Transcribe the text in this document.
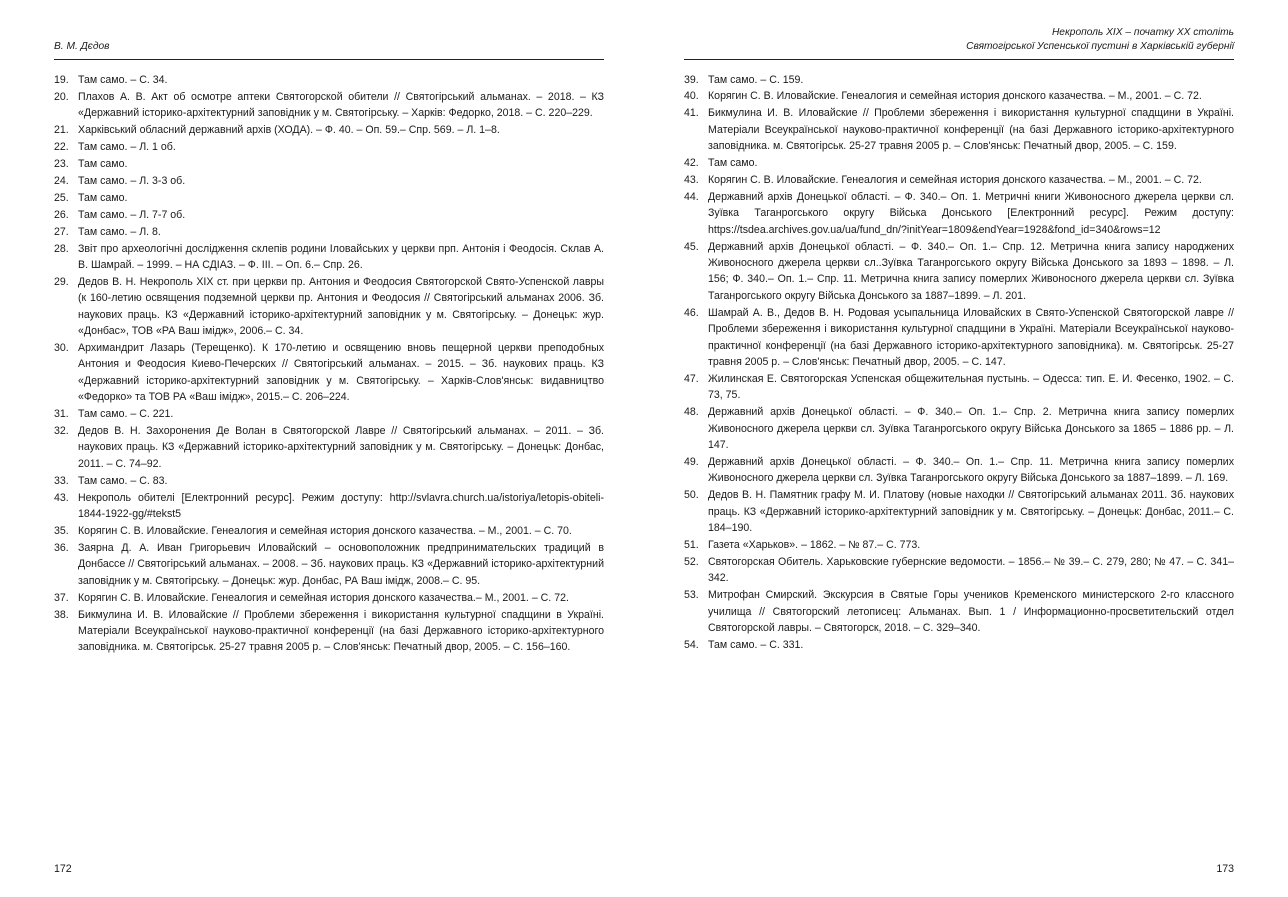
В. М. Дєдов
19. Там само. – С. 34.
20. Плахов А. В. Акт об осмотре аптеки Святогорской обители // Святогірський альманах. – 2018. – КЗ «Державний історико-архітектурний заповідник у м. Святогірську. – Харків: Федорко, 2018. – С. 220–229.
21. Харківський обласний державний архів (ХОДА). – Ф. 40. – Оп. 59.– Спр. 569. – Л. 1–8.
22. Там само. – Л. 1 об.
23. Там само.
24. Там само. – Л. 3-3 об.
25. Там само.
26. Там само. – Л. 7-7 об.
27. Там само. – Л. 8.
28. Звіт про археологічні дослідження склепів родини Іловайських у церкви прп. Антонія і Феодосія. Склав А. В. Шамрай. – 1999. – НА СДІАЗ. – Ф. III. – Оп. 6.– Спр. 26.
29. Дедов В. Н. Некрополь XIX ст. при церкви пр. Антония и Феодосия Святогорской Свято-Успенской лавры (к 160-летию освящения подземной церкви пр. Антония и Феодосия // Святогірський альманах 2006. Зб. наукових праць. КЗ «Державний історико-архітектурний заповідник у м. Святогірську. – Донецьк: жур. «Донбас», ТОВ «РА Ваш імідж», 2006.– С. 34.
30. Архимандрит Лазарь (Терещенко). К 170-летию и освящению вновь пещерной церкви преподобных Антония и Феодосия Киево-Печерских // Святогірський альманах. – 2015. – Зб. наукових праць. КЗ «Державний історико-архітектурний заповідник у м. Святогірську. – Харків-Слов'янськ: видавництво «Федорко» та ТОВ РА «Ваш імідж», 2015.– С. 206–224.
31. Там само. – С. 221.
32. Дедов В. Н. Захоронения Де Волан в Святогорской Лавре // Святогірський альманах. – 2011. – Зб. наукових праць. КЗ «Державний історико-архітектурний заповідник у м. Святогірську. – Донецьк: Донбас, 2011. – С. 74–92.
33. Там само. – С. 83.
43. Некрополь обителі [Електронний ресурс]. Режим доступу: http://svlavra.church.ua/istoriya/letopis-obiteli-1844-1922-gg/#tekst5
35. Корягин С. В. Иловайские. Генеалогия и семейная история донского казачества. – М., 2001. – С. 70.
36. Заярна Д. А. Иван Григорьевич Иловайский – основоположник предпринимательских традиций в Донбассе // Святогірський альманах. – 2008. – Зб. наукових праць. КЗ «Державний історико-архітектурний заповідник у м. Святогірську. – Донецьк: жур. Донбас, РА Ваш імідж, 2008.– С. 95.
37. Корягин С. В. Иловайские. Генеалогия и семейная история донского казачества.– М., 2001. – С. 72.
38. Бикмулина И. В. Иловайские // Проблеми збереження і використання культурної спадщини в Україні. Матеріали Всеукраїнської науково-практичної конференції (на базі Державного історико-архітектурного заповідника. м. Святогірськ. 25-27 травня 2005 р. – Слов'янськ: Печатный двор, 2005. – С. 156–160.
172
Некрополь XIX – початку XX століть
Святогірської Успенської пустині в Харківській губернії
39. Там само. – С. 159.
40. Корягин С. В. Иловайские. Генеалогия и семейная история донского казачества. – М., 2001. – С. 72.
41. Бикмулина И. В. Иловайские // Проблеми збереження і використання культурної спадщини в Україні. Матеріали Всеукраїнської науково-практичної конференції (на базі Державного історико-архітектурного заповідника. м. Святогірськ. 25-27 травня 2005 р. – Слов'янськ: Печатный двор, 2005. – С. 159.
42. Там само.
43. Корягин С. В. Иловайские. Генеалогия и семейная история донского казачества. – М., 2001. – С. 72.
44. Державний архів Донецької області. – Ф. 340.– Оп. 1. Метричні книги Живоносного джерела церкви сл. Зуївка Таганрогського округу Війська Донського [Електронний ресурс]. Режим доступу: https://tsdea.archives.gov.ua/ua/fund_dn/?initYear=1809&endYear=1928&fond_id=340&rows=12
45. Державний архів Донецької області. – Ф. 340.– Оп. 1.– Спр. 12. Метрична книга запису народжених Живоносного джерела церкви сл..Зуївка Таганрогського округу Війська Донського за 1893 – 1898. – Л. 156; Ф. 340.– Оп. 1.– Спр. 11. Метрична книга запису померлих Живоносного джерела церкви сл. Зуївка Таганрогського округу Війська Донського за 1887–1899. – Л. 201.
46. Шамрай А. В., Дедов В. Н. Родовая усыпальница Иловайских в Свято-Успенской Святогорской лавре // Проблеми збереження і використання культурної спадщини в Україні. Матеріали Всеукраїнської науково-практичної конференції (на базі Державного історико-архітектурного заповідника). м. Святогірськ. 25-27 травня 2005 р. – Слов'янськ: Печатный двор, 2005. – С. 147.
47. Жилинская Е. Святогорская Успенская общежительная пустынь. – Одесса: тип. Е. И. Фесенко, 1902. – С. 73, 75.
48. Державний архів Донецької області. – Ф. 340.– Оп. 1.– Спр. 2. Метрична книга запису померлих Живоносного джерела церкви сл. Зуївка Таганрогського округу Війська Донського за 1865 – 1886 рр. – Л. 147.
49. Державний архів Донецької області. – Ф. 340.– Оп. 1.– Спр. 11. Метрична книга запису померлих Живоносного джерела церкви сл. Зуївка Таганрогського округу Війська Донського за 1887–1899. – Л. 169.
50. Дедов В. Н. Памятник графу М. И. Платову (новые находки // Святогірський альманах 2011. Зб. наукових праць. КЗ «Державний історико-архітектурний заповідник у м. Святогірську. – Донецьк: Донбас, 2011.– С. 184–190.
51. Газета «Харьков». – 1862. – № 87.– С. 773.
52. Святогорская Обитель. Харьковские губернские ведомости. – 1856.– № 39.– С. 279, 280; № 47. – С. 341–342.
53. Митрофан Смирский. Экскурсия в Святые Горы учеников Кременского министерского 2-го классного училища // Святогорский летописец: Альманах. Вып. 1 / Информационно-просветительский отдел Святогорской лавры. – Святогорск, 2018. – С. 329–340.
54. Там само. – С. 331.
173
